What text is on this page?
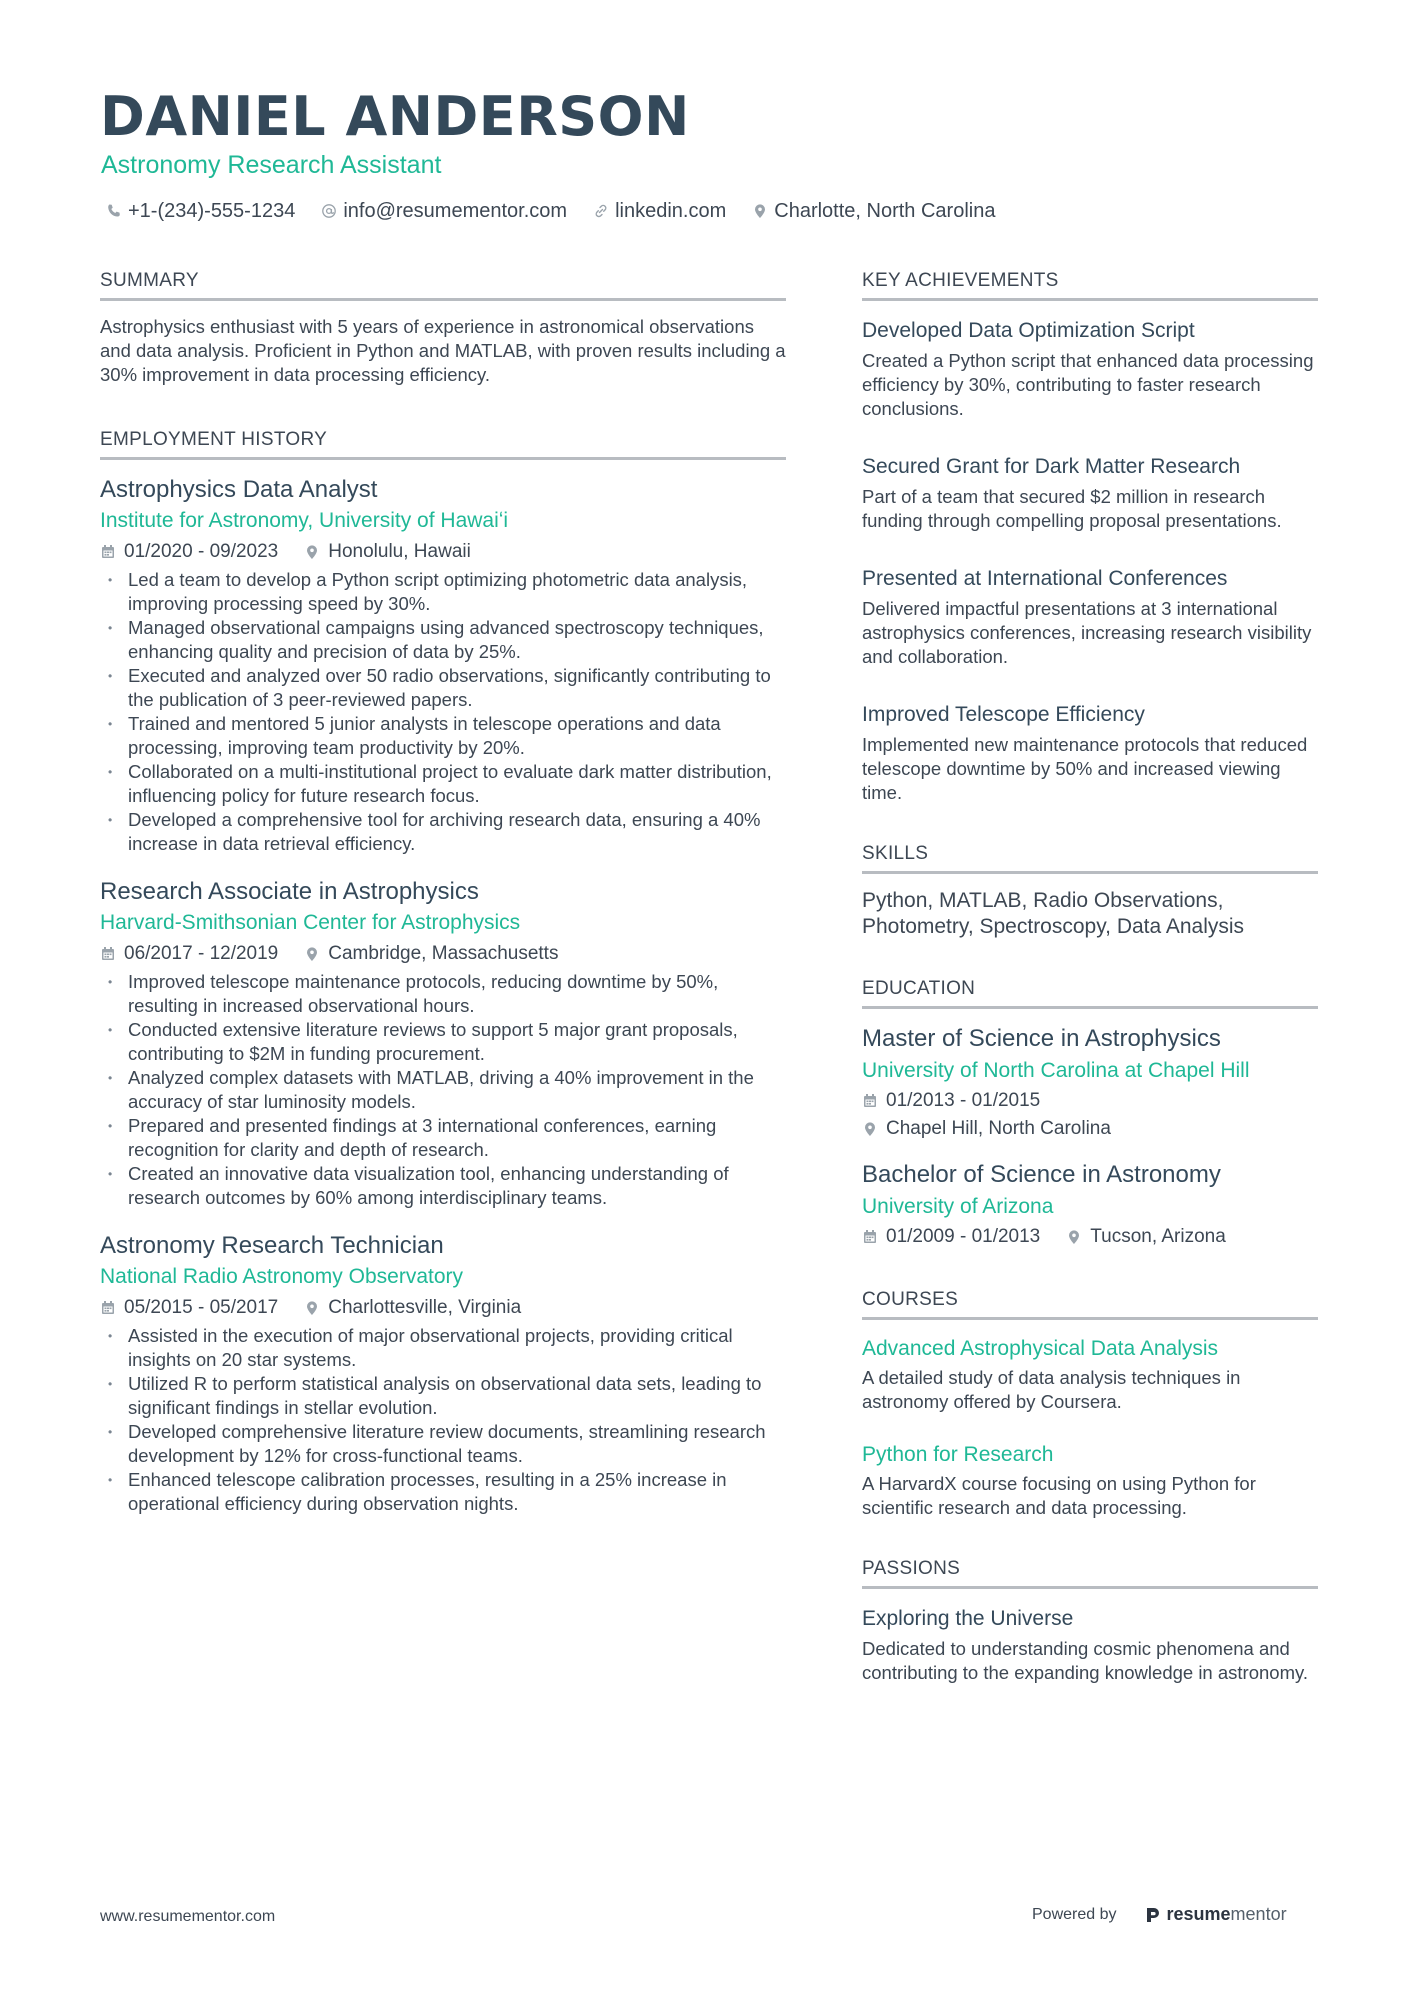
DANIEL ANDERSON
Astronomy Research Assistant
+1-(234)-555-1234 info@resumementor.com linkedin.com Charlotte, North Carolina
SUMMARY

Astrophysics enthusiast with 5 years of experience in astronomical observations and data analysis. Proficient in Python and MATLAB, with proven results including a 30% improvement in data processing efficiency.

EMPLOYMENT HISTORY
Astrophysics Data Analyst
Institute for Astronomy, University of Hawaiʻi
01/2020 - 09/2023	Honolulu, Hawaii
• Led a team to develop a Python script optimizing photometric data analysis, improving processing speed by 30%.
• Managed observational campaigns using advanced spectroscopy techniques, enhancing quality and precision of data by 25%.
• Executed and analyzed over 50 radio observations, significantly contributing to the publication of 3 peer-reviewed papers.
• Trained and mentored 5 junior analysts in telescope operations and data processing, improving team productivity by 20%.
• Collaborated on a multi-institutional project to evaluate dark matter distribution, influencing policy for future research focus.
• Developed a comprehensive tool for archiving research data, ensuring a 40% increase in data retrieval efficiency.
Research Associate in Astrophysics
Harvard-Smithsonian Center for Astrophysics
06/2017 - 12/2019	Cambridge, Massachusetts
• Improved telescope maintenance protocols, reducing downtime by 50%, resulting in increased observational hours.
• Conducted extensive literature reviews to support 5 major grant proposals, contributing to $2M in funding procurement.
• Analyzed complex datasets with MATLAB, driving a 40% improvement in the accuracy of star luminosity models.
• Prepared and presented findings at 3 international conferences, earning recognition for clarity and depth of research.
• Created an innovative data visualization tool, enhancing understanding of research outcomes by 60% among interdisciplinary teams.
Astronomy Research Technician
National Radio Astronomy Observatory
05/2015 - 05/2017	Charlottesville, Virginia
• Assisted in the execution of major observational projects, providing critical insights on 20 star systems.
• Utilized R to perform statistical analysis on observational data sets, leading to significant findings in stellar evolution.
• Developed comprehensive literature review documents, streamlining research development by 12% for cross-functional teams.
• Enhanced telescope calibration processes, resulting in a 25% increase in operational efficiency during observation nights.
KEY ACHIEVEMENTS
Developed Data Optimization Script

Created a Python script that enhanced data processing efficiency by 30%, contributing to faster research conclusions.

Secured Grant for Dark Matter Research

Part of a team that secured $2 million in research funding through compelling proposal presentations.

Presented at International Conferences

Delivered impactful presentations at 3 international astrophysics conferences, increasing research visibility and collaboration.

Improved Telescope Efficiency

Implemented new maintenance protocols that reduced telescope downtime by 50% and increased viewing time.

SKILLS

Python, MATLAB, Radio Observations, Photometry, Spectroscopy, Data Analysis

EDUCATION
Master of Science in Astrophysics
University of North Carolina at Chapel Hill
01/2013 - 01/2015
Chapel Hill, North Carolina
Bachelor of Science in Astronomy
University of Arizona
01/2009 - 01/2013	Tucson, Arizona
COURSES
Advanced Astrophysical Data Analysis

A detailed study of data analysis techniques in astronomy offered by Coursera.

Python for Research

A HarvardX course focusing on using Python for scientific research and data processing.

PASSIONS
Exploring the Universe

Dedicated to understanding cosmic phenomena and contributing to the expanding knowledge in astronomy.

www.resumementor.com	Powered by	resumementor
